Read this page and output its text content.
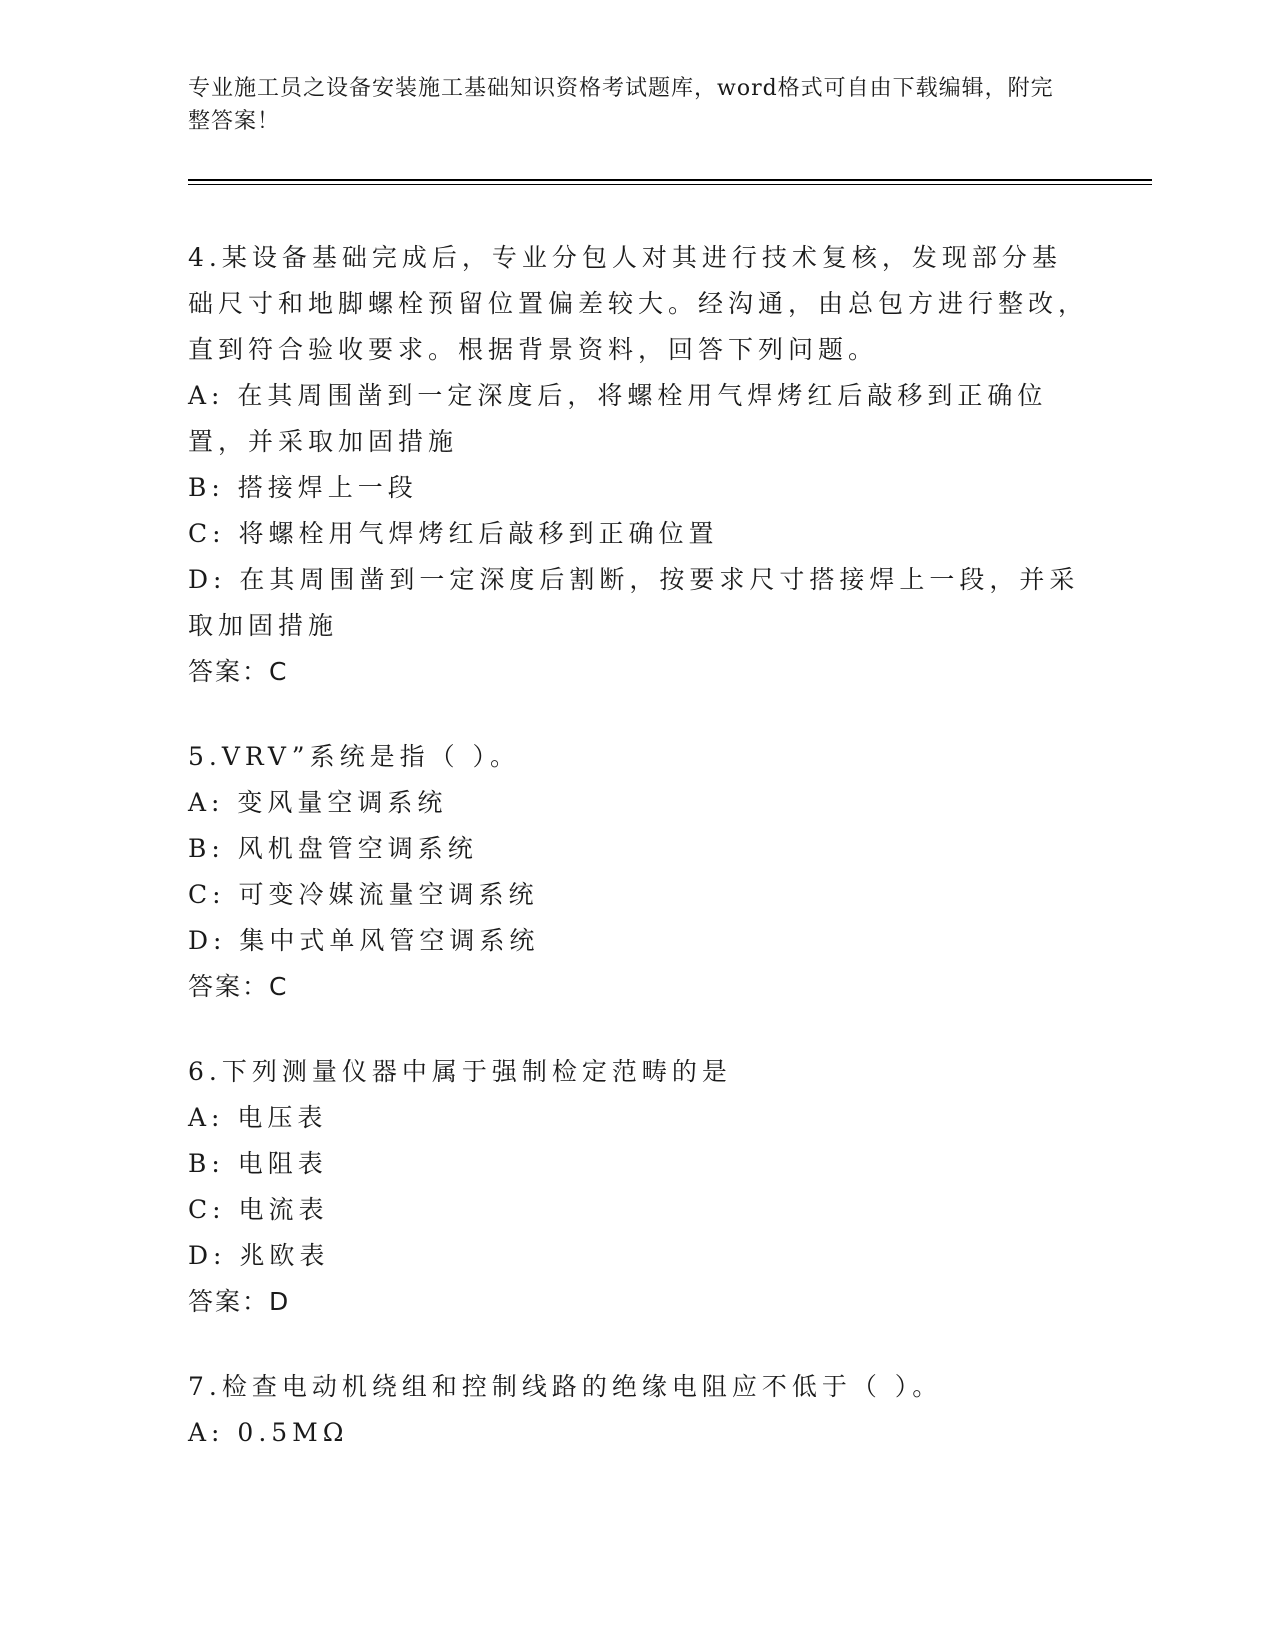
专业施工员之设备安装施工基础知识资格考试题库，word格式可自由下载编辑，附完整答案！

4.某设备基础完成后，专业分包人对其进行技术复核，发现部分基础尺寸和地脚螺栓预留位置偏差较大。经沟通，由总包方进行整改，直到符合验收要求。根据背景资料，回答下列问题。

A: 在其周围凿到一定深度后，将螺栓用气焊烤红后敲移到正确位置，并采取加固措施

B: 搭接焊上一段

C: 将螺栓用气焊烤红后敲移到正确位置

D: 在其周围凿到一定深度后割断，按要求尺寸搭接焊上一段，并采取加固措施

答案：C

5.VRV”系统是指（ ）。

A: 变风量空调系统

B: 风机盘管空调系统

C: 可变冷媒流量空调系统

D: 集中式单风管空调系统

答案：C

6.下列测量仪器中属于强制检定范畴的是

A: 电压表

B: 电阻表

C: 电流表

D: 兆欧表

答案：D

7.检查电动机绕组和控制线路的绝缘电阻应不低于（ ）。

A: 0.5MΩ
